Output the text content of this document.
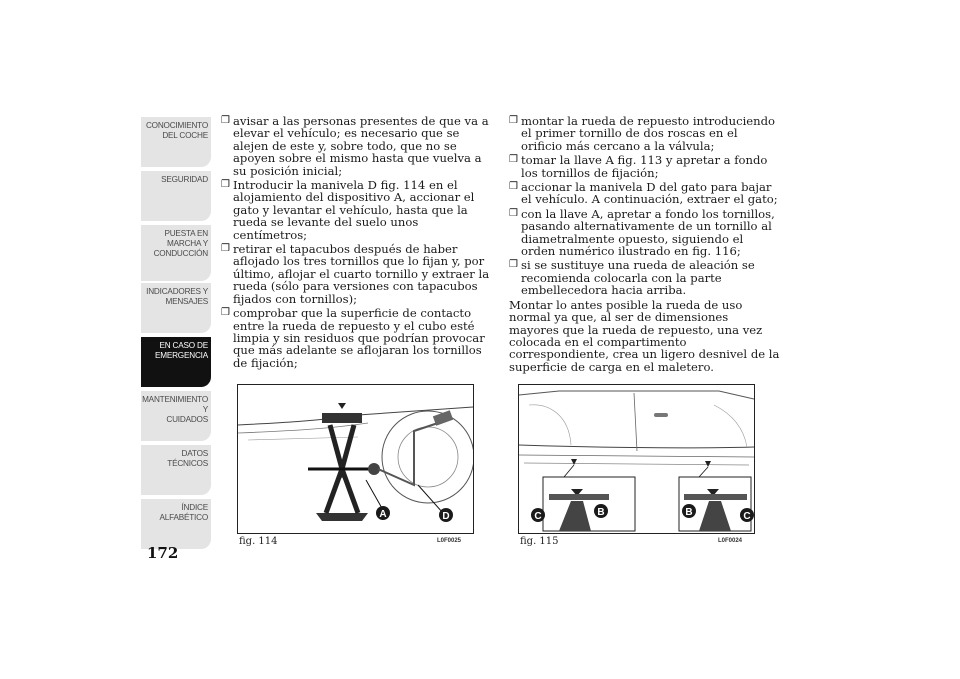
CONOCIMIENTO
DEL COCHE
SEGURIDAD
PUESTA EN
MARCHA Y
CONDUCCIÓN
INDICADORES Y
MENSAJES
EN CASO DE
EMERGENCIA
MANTENIMIENTO Y
CUIDADOS
DATOS TÉCNICOS
ÍNDICE
ALFABÉTICO
172
❒ avisar a las personas presentes de que va a elevar el vehículo; es necesario que se alejen de este y, sobre todo, que no se apoyen sobre el mismo hasta que vuelva a su posición inicial;
❒ Introducir la manivela D fig. 114 en el alojamiento del dispositivo A, accionar el gato y levantar el vehículo, hasta que la rueda se levante del suelo unos centímetros;
❒ retirar el tapacubos después de haber aflojado los tres tornillos que lo fijan y, por último, aflojar el cuarto tornillo y extraer la rueda (sólo para versiones con tapacubos fijados con tornillos);
❒ comprobar que la superficie de contacto entre la rueda de repuesto y el cubo esté limpia y sin residuos que podrían provocar que más adelante se aflojaran los tornillos de fijación;
❒ montar la rueda de repuesto introduciendo el primer tornillo de dos roscas en el orificio más cercano a la válvula;
❒ tomar la llave A fig. 113 y apretar a fondo los tornillos de fijación;
❒ accionar la manivela D del gato para bajar el vehículo. A continuación, extraer el gato;
❒ con la llave A, apretar a fondo los tornillos, pasando alternativamente de un tornillo al diametralmente opuesto, siguiendo el orden numérico ilustrado en fig. 116;
❒ si se sustituye una rueda de aleación se recomienda colocarla con la parte embellecedora hacia arriba.

Montar lo antes posible la rueda de uso normal ya que, al ser de dimensiones mayores que la rueda de repuesto, una vez colocada en el compartimento correspondiente, crea un ligero desnivel de la superficie de carga en el maletero.

A	D
fig. 114	L0F0025
C	B	B	C
fig. 115	L0F0024
